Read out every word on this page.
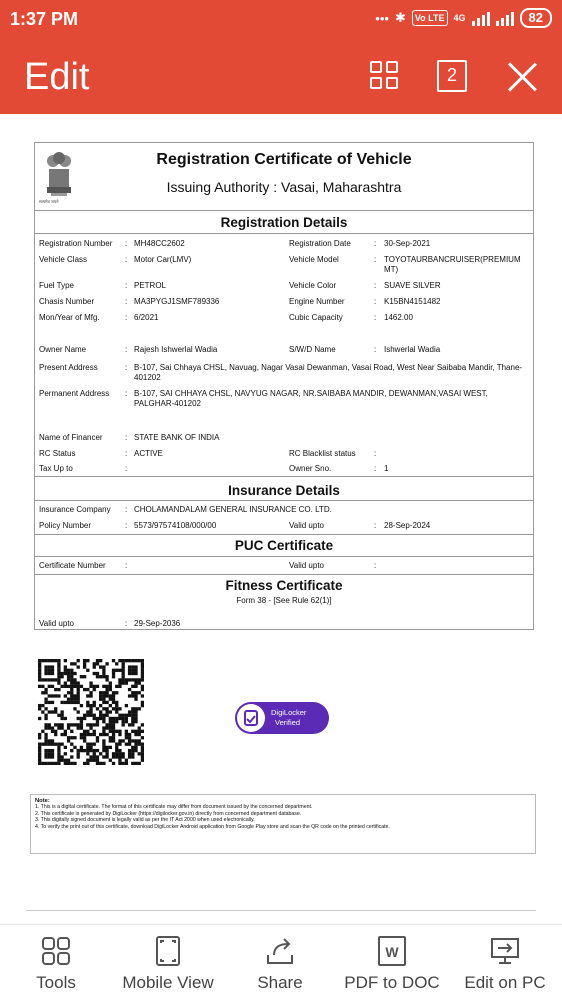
1:37 PM	••• ✱	Vo LTE	4G	82
Edit	2
सत्यमेव जयते
Registration Certificate of Vehicle
Issuing Authority : Vasai, Maharashtra
Registration Details
Registration Number	: MH48CC2602	Registration Date	: 30-Sep-2021
Vehicle Class	: Motor Car(LMV)	Vehicle Model	: TOYOTAURBANCRUISER(PREMIUM MT)
Fuel Type	: PETROL	Vehicle Color	: SUAVE SILVER
Chasis Number	: MA3PYGJ1SMF789336	Engine Number	: K15BN4151482
Mon/Year of Mfg.	: 6/2021	Cubic Capacity	: 1462.00
Owner Name	: Rajesh Ishwerlal Wadia	S/W/D Name	: Ishwerlal Wadia
Present Address	: B-107, Sai Chhaya CHSL, Navuag, Nagar Vasai Dewanman, Vasai Road, West Near Saibaba Mandir, Thane-401202
Permanent Address	: B-107, SAI CHHAYA CHSL, NAVYUG NAGAR, NR.SAIBABA MANDIR, DEWANMAN,VASAI WEST, PALGHAR-401202
Name of Financer	: STATE BANK OF INDIA
RC Status	: ACTIVE	RC Blacklist status	:
Tax Up to	:	Owner Sno.	: 1
Insurance Details
Insurance Company	: CHOLAMANDALAM GENERAL INSURANCE CO. LTD.
Policy Number	: 5573/97574108/000/00	Valid upto	: 28-Sep-2024
PUC Certificate
Certificate Number	:	Valid upto	:
Fitness Certificate
Form 38 - [See Rule 62(1)]
Valid upto	: 29-Sep-2036
DigiLocker
Verified
Note:
1. This is a digital certificate. The format of this certificate may differ from document issued by the concerned department.
2. This certificate is generated by DigiLocker (https://digilocker.gov.in) directly from concerned department database.
3. This digitally signed document is legally valid as per the IT Act 2000 when used electronically.
4. To verify the print out of this certificate, download DigiLocker Android application from Google Play store and scan the QR code on the printed certificate.
Tools	Mobile View	Share
W
PDF to DOC	Edit on PC
